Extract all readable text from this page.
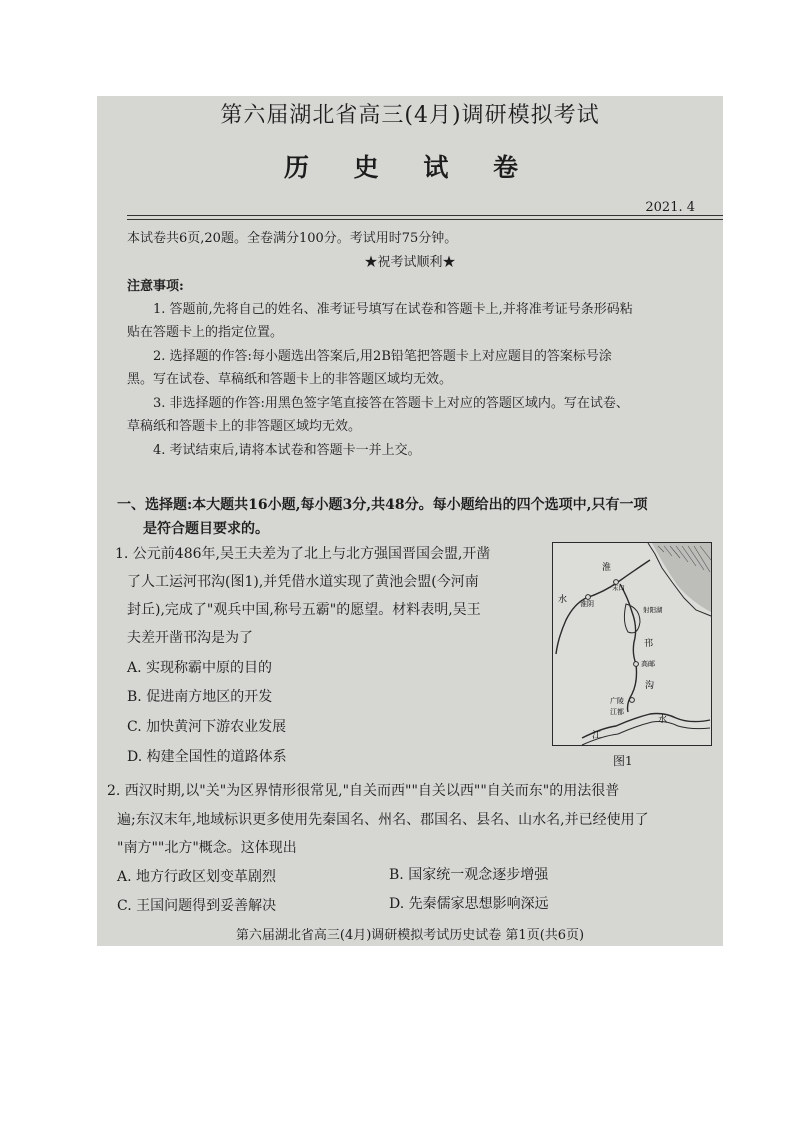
第六届湖北省高三(4月)调研模拟考试
历 史 试 卷
2021. 4
本试卷共6页,20题。全卷满分100分。考试用时75分钟。
★祝考试顺利★
注意事项:
1. 答题前,先将自己的姓名、准考证号填写在试卷和答题卡上,并将准考证号条形码粘
贴在答题卡上的指定位置。
2. 选择题的作答:每小题选出答案后,用2B铅笔把答题卡上对应题目的答案标号涂
黑。写在试卷、草稿纸和答题卡上的非答题区域均无效。
3. 非选择题的作答:用黑色签字笔直接答在答题卡上对应的答题区域内。写在试卷、
草稿纸和答题卡上的非答题区域均无效。
4. 考试结束后,请将本试卷和答题卡一并上交。
一、选择题:本大题共16小题,每小题3分,共48分。每小题给出的四个选项中,只有一项
是符合题目要求的。
1. 公元前486年,吴王夫差为了北上与北方强国晋国会盟,开凿
了人工运河邗沟(图1),并凭借水道实现了黄池会盟(今河南
封丘),完成了"观兵中国,称号五霸"的愿望。材料表明,吴王
夫差开凿邗沟是为了
A. 实现称霸中原的目的
B. 促进南方地区的开发
C. 加快黄河下游农业发展
D. 构建全国性的道路体系
淮
水
末口
淮阴
射阳湖
邗
沟
高邮
广陵
江都
江
水
图1
2. 西汉时期,以"关"为区界情形很常见,"自关而西""自关以西""自关而东"的用法很普
遍;东汉末年,地域标识更多使用先秦国名、州名、郡国名、县名、山水名,并已经使用了
"南方""北方"概念。这体现出
A. 地方行政区划变革剧烈	B. 国家统一观念逐步增强
C. 王国问题得到妥善解决	D. 先秦儒家思想影响深远
第六届湖北省高三(4月)调研模拟考试历史试卷 第1页(共6页)
